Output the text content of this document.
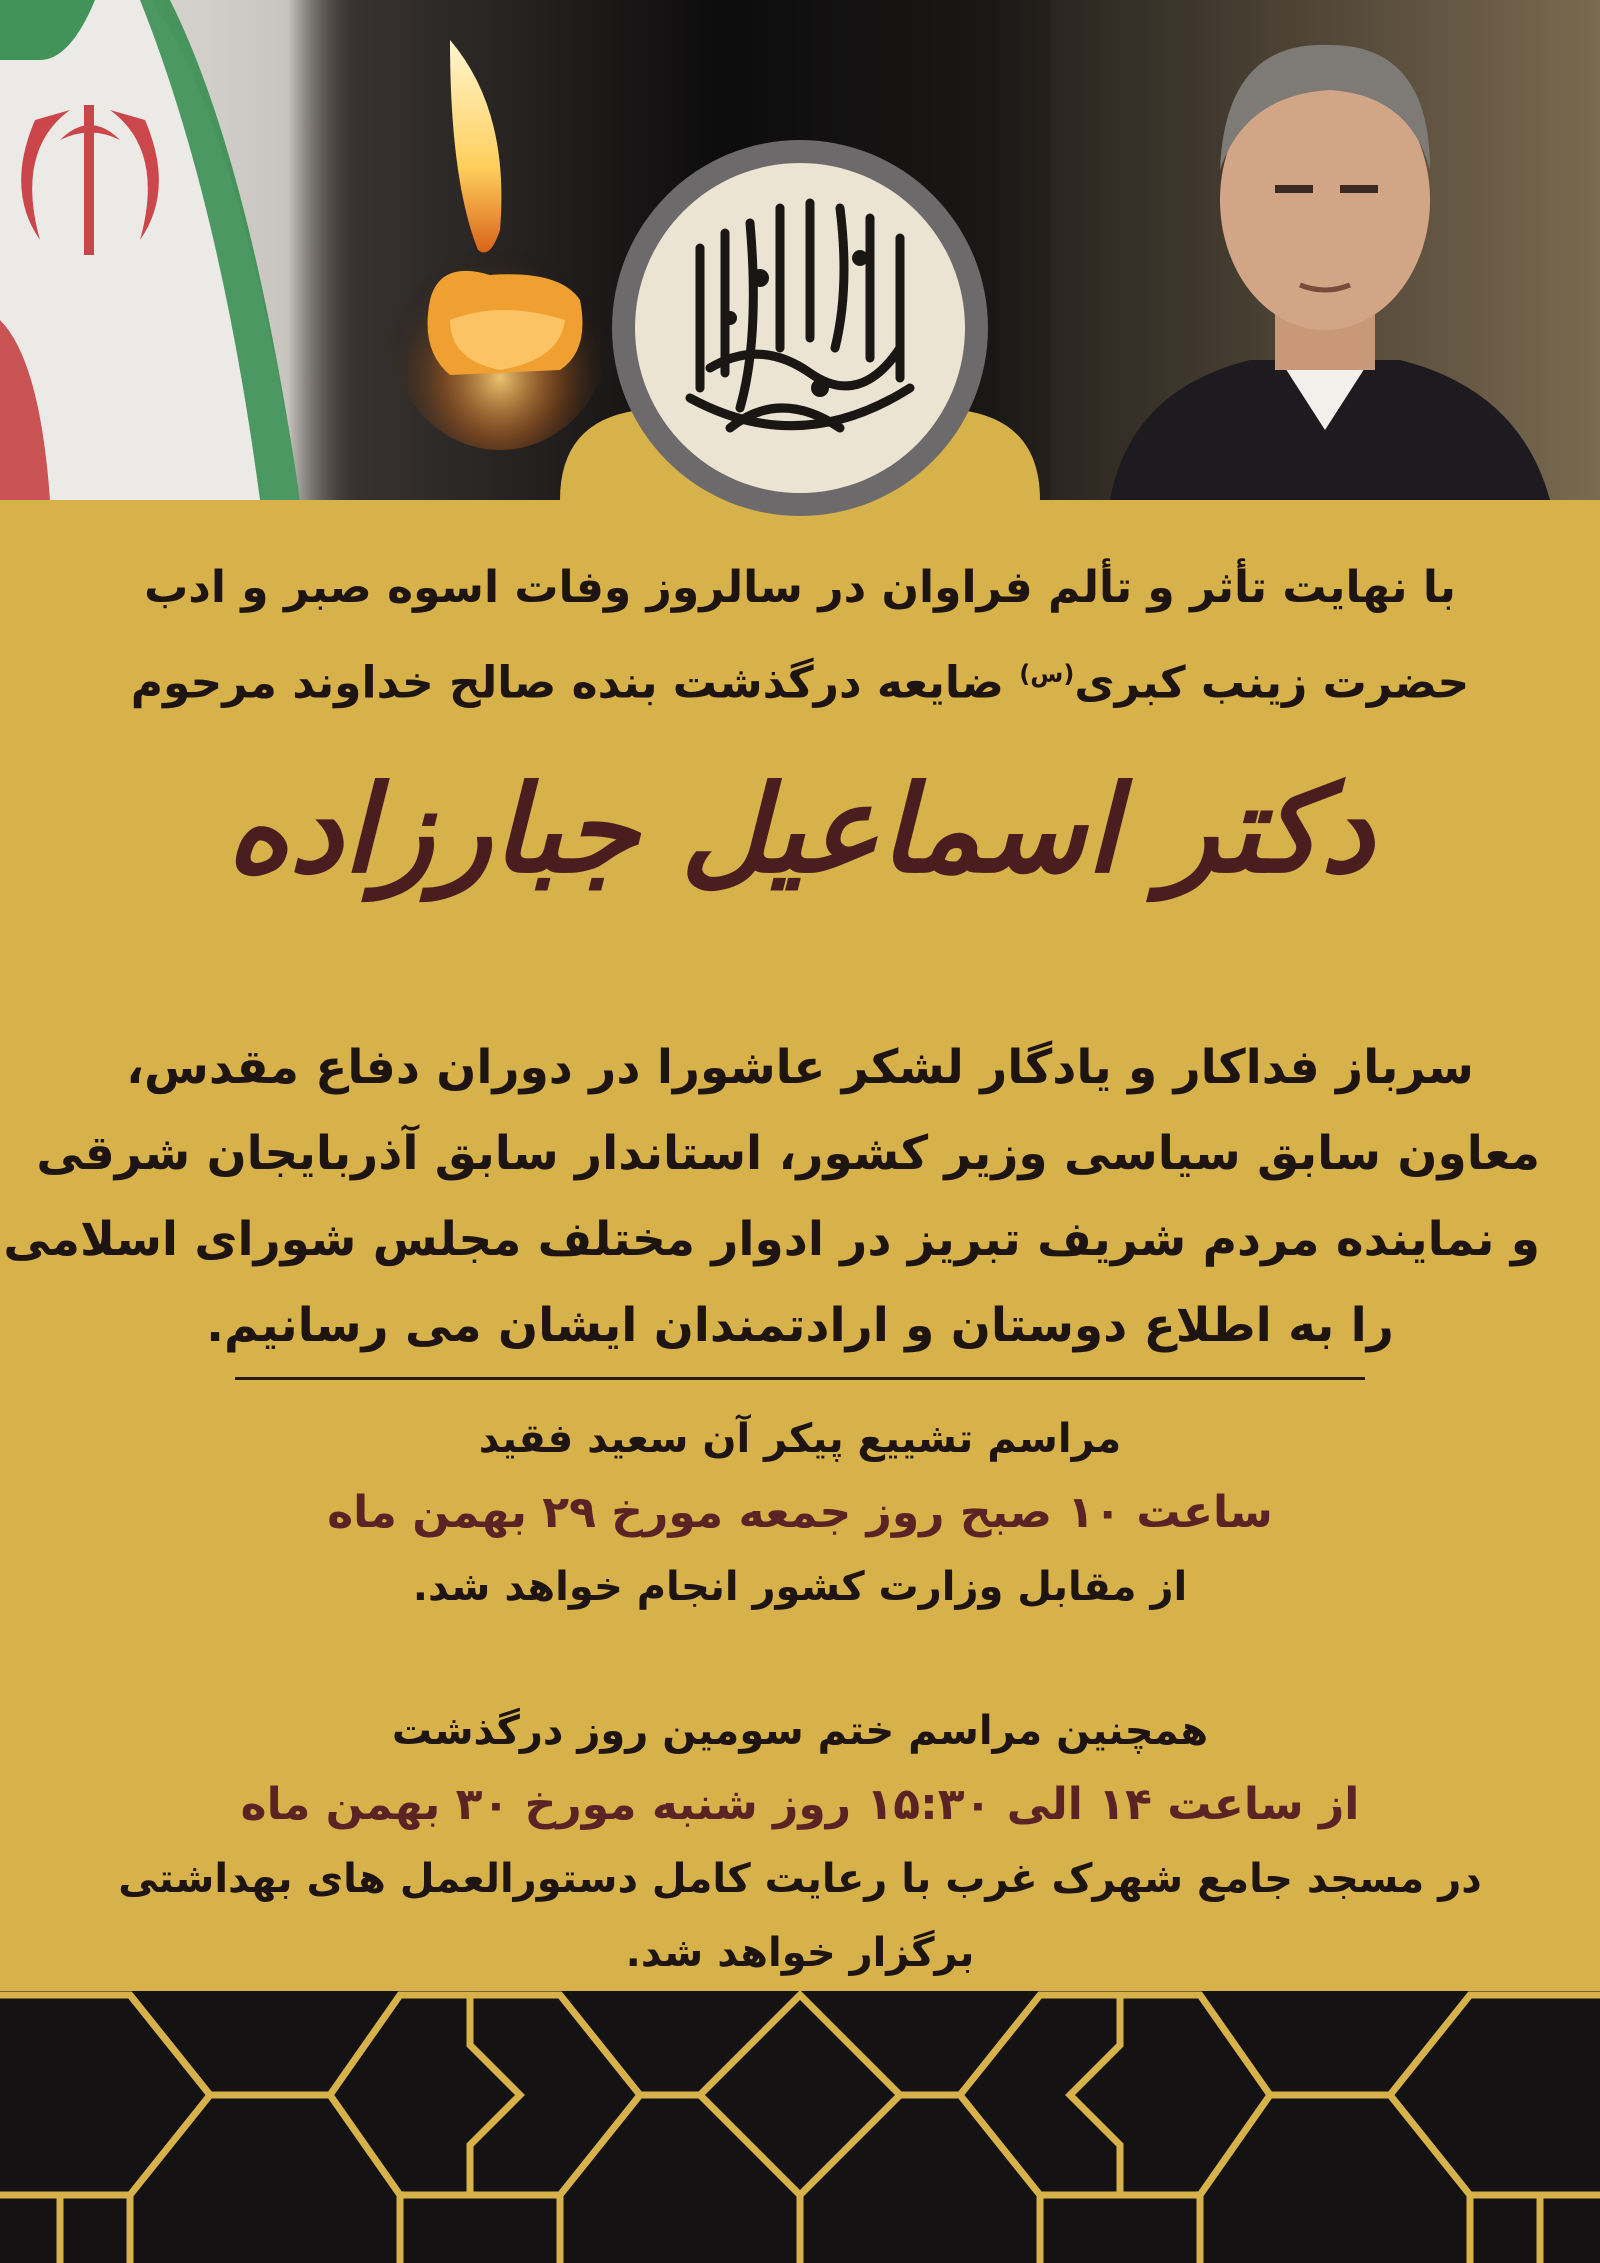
با نهایت تأثر و تألم فراوان در سالروز وفات اسوه صبر و ادب
حضرت زینب کبری$^{(س)}$ ضایعه درگذشت بنده صالح خداوند مرحوم
دکتر اسماعیل جبارزاده
سرباز فداکار و یادگار لشکر عاشورا در دوران دفاع مقدس،
معاون سابق سیاسی وزیر کشور، استاندار سابق آذربایجان شرقی
و نماینده مردم شریف تبریز در ادوار مختلف مجلس شورای اسلامی
را به اطلاع دوستان و ارادتمندان ایشان می رسانیم.
مراسم تشییع پیکر آن سعید فقید
ساعت ۱۰ صبح روز جمعه مورخ ۲۹ بهمن ماه
از مقابل وزارت کشور انجام خواهد شد.
همچنین مراسم ختم سومین روز درگذشت
از ساعت ۱۴ الی ۱۵:۳۰ روز شنبه مورخ ۳۰ بهمن ماه
در مسجد جامع شهرک غرب با رعایت کامل دستورالعمل های بهداشتی
برگزار خواهد شد.
